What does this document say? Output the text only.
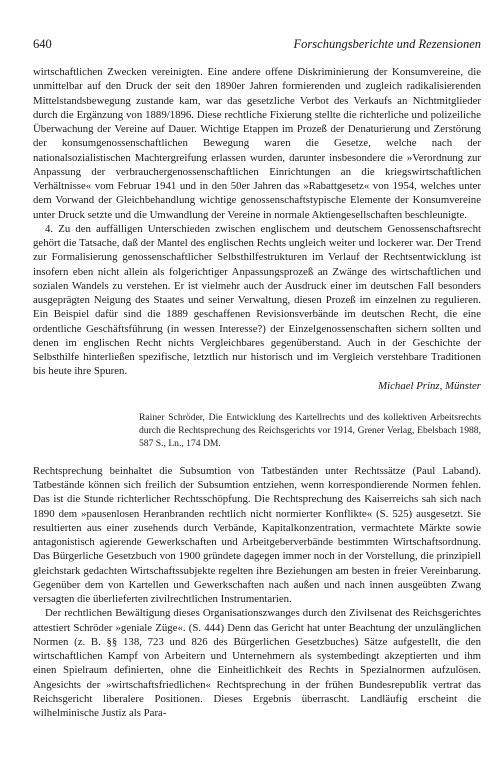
640	Forschungsberichte und Rezensionen

wirtschaftlichen Zwecken vereinigten. Eine andere offene Diskriminierung der Konsumvereine, die unmittelbar auf den Druck der seit den 1890er Jahren formierenden und zugleich radikalisierenden Mittelstandsbewegung zustande kam, war das gesetzliche Verbot des Verkaufs an Nichtmitglieder durch die Ergänzung von 1889/1896. Diese rechtliche Fixierung stellte die richterliche und polizeiliche Überwachung der Vereine auf Dauer. Wichtige Etappen im Prozeß der Denaturierung und Zerstörung der konsumgenossenschaftlichen Bewegung waren die Gesetze, welche nach der nationalsozialistischen Machtergreifung erlassen wurden, darunter insbesondere die »Verordnung zur Anpassung der verbrauchergenossenschaftlichen Einrichtungen an die kriegswirtschaftlichen Verhältnisse« vom Februar 1941 und in den 50er Jahren das »Rabattgesetz« von 1954, welches unter dem Vorwand der Gleichbehandlung wichtige genossenschaftstypische Elemente der Konsumvereine unter Druck setzte und die Umwandlung der Vereine in normale Aktiengesellschaften beschleunigte.

4. Zu den auffälligen Unterschieden zwischen englischem und deutschem Genossenschaftsrecht gehört die Tatsache, daß der Mantel des englischen Rechts ungleich weiter und lockerer war. Der Trend zur Formalisierung genossenschaftlicher Selbsthilfestrukturen im Verlauf der Rechtsentwicklung ist insofern eben nicht allein als folgerichtiger Anpassungsprozeß an Zwänge des wirtschaftlichen und sozialen Wandels zu verstehen. Er ist vielmehr auch der Ausdruck einer im deutschen Fall besonders ausgeprägten Neigung des Staates und seiner Verwaltung, diesen Prozeß im einzelnen zu regulieren. Ein Beispiel dafür sind die 1889 geschaffenen Revisionsverbände im deutschen Recht, die eine ordentliche Geschäftsführung (in wessen Interesse?) der Einzelgenossenschaften sichern sollten und denen im englischen Recht nichts Vergleichbares gegenüberstand. Auch in der Geschichte der Selbsthilfe hinterließen spezifische, letztlich nur historisch und im Vergleich verstehbare Traditionen bis heute ihre Spuren.

Michael Prinz, Münster
Rainer Schröder, Die Entwicklung des Kartellrechts und des kollektiven Arbeitsrechts durch die Rechtsprechung des Reichsgerichts vor 1914, Grener Verlag, Ebelsbach 1988, 587 S., Ln., 174 DM.

Rechtsprechung beinhaltet die Subsumtion von Tatbeständen unter Rechtssätze (Paul Laband). Tatbestände können sich freilich der Subsumtion entziehen, wenn korrespondierende Normen fehlen. Das ist die Stunde richterlicher Rechtsschöpfung. Die Rechtsprechung des Kaiserreichs sah sich nach 1890 dem »pausenlosen Heranbranden rechtlich nicht normierter Konflikte« (S. 525) ausgesetzt. Sie resultierten aus einer zusehends durch Verbände, Kapitalkonzentration, vermachtete Märkte sowie antagonistisch agierende Gewerkschaften und Arbeitgeberverbände bestimmten Wirtschaftsordnung. Das Bürgerliche Gesetzbuch von 1900 gründete dagegen immer noch in der Vorstellung, die prinzipiell gleichstark gedachten Wirtschaftssubjekte regelten ihre Beziehungen am besten in freier Vereinbarung. Gegenüber dem von Kartellen und Gewerkschaften nach außen und nach innen ausgeübten Zwang versagten die überlieferten zivilrechtlichen Instrumentarien.

Der rechtlichen Bewältigung dieses Organisationszwanges durch den Zivilsenat des Reichsgerichtes attestiert Schröder »geniale Züge«. (S. 444) Denn das Gericht hat unter Beachtung der unzulänglichen Normen (z. B. §§ 138, 723 und 826 des Bürgerlichen Gesetzbuches) Sätze aufgestellt, die den wirtschaftlichen Kampf von Arbeitern und Unternehmern als systembedingt akzeptierten und ihm einen Spielraum definierten, ohne die Einheitlichkeit des Rechts in Spezialnormen aufzulösen. Angesichts der »wirtschaftsfriedlichen« Rechtsprechung in der frühen Bundesrepublik vertrat das Reichsgericht liberalere Positionen. Dieses Ergebnis überrascht. Landläufig erscheint die wilhelminische Justiz als Para-
